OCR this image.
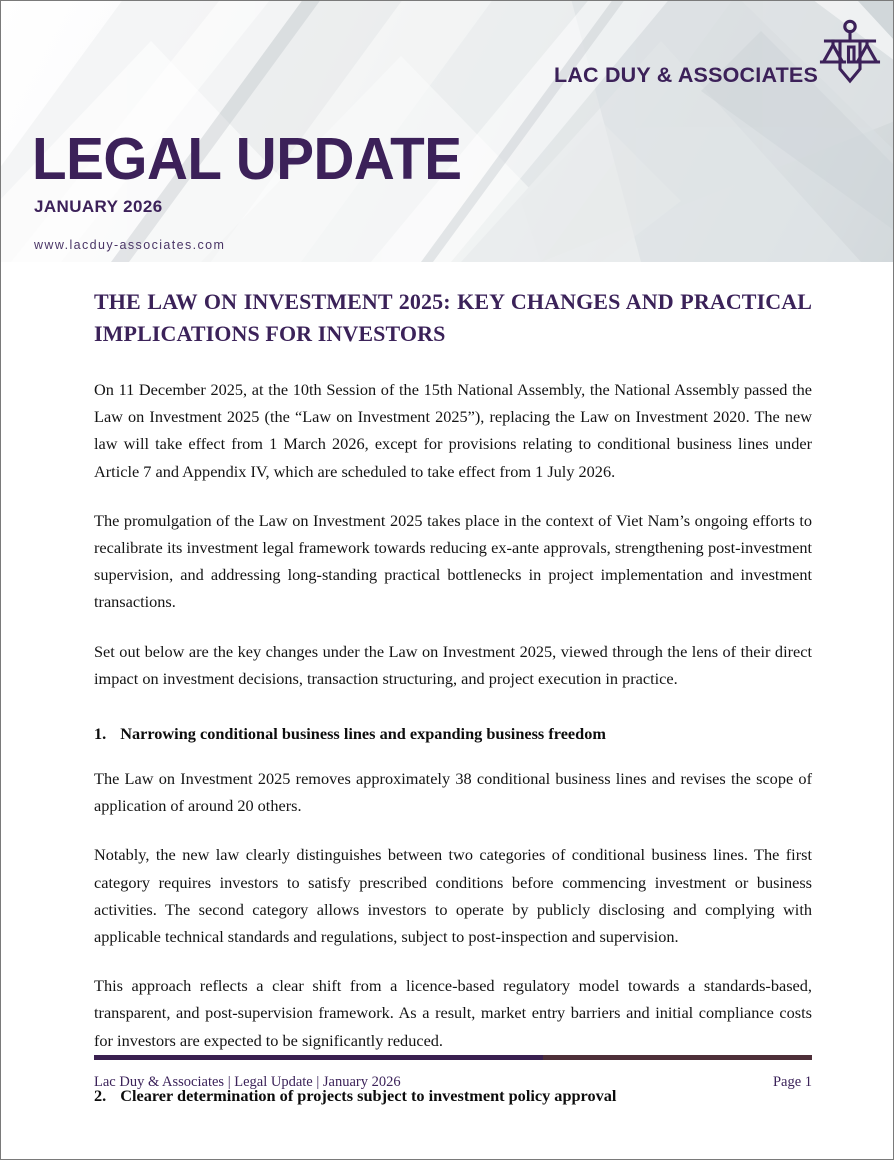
LEGAL UPDATE
JANUARY 2026
www.lacduy-associates.com
LAC DUY & ASSOCIATES
THE LAW ON INVESTMENT 2025: KEY CHANGES AND PRACTICAL IMPLICATIONS FOR INVESTORS

On 11 December 2025, at the 10th Session of the 15th National Assembly, the National Assembly passed the Law on Investment 2025 (the “Law on Investment 2025”), replacing the Law on Investment 2020. The new law will take effect from 1 March 2026, except for provisions relating to conditional business lines under Article 7 and Appendix IV, which are scheduled to take effect from 1 July 2026.

The promulgation of the Law on Investment 2025 takes place in the context of Viet Nam’s ongoing efforts to recalibrate its investment legal framework towards reducing ex-ante approvals, strengthening post-investment supervision, and addressing long-standing practical bottlenecks in project implementation and investment transactions.

Set out below are the key changes under the Law on Investment 2025, viewed through the lens of their direct impact on investment decisions, transaction structuring, and project execution in practice.

1. Narrowing conditional business lines and expanding business freedom

The Law on Investment 2025 removes approximately 38 conditional business lines and revises the scope of application of around 20 others.

Notably, the new law clearly distinguishes between two categories of conditional business lines. The first category requires investors to satisfy prescribed conditions before commencing investment or business activities. The second category allows investors to operate by publicly disclosing and complying with applicable technical standards and regulations, subject to post-inspection and supervision.

This approach reflects a clear shift from a licence-based regulatory model towards a standards-based, transparent, and post-supervision framework. As a result, market entry barriers and initial compliance costs for investors are expected to be significantly reduced.

2. Clearer determination of projects subject to investment policy approval
Lac Duy & Associates | Legal Update | January 2026	Page 1
